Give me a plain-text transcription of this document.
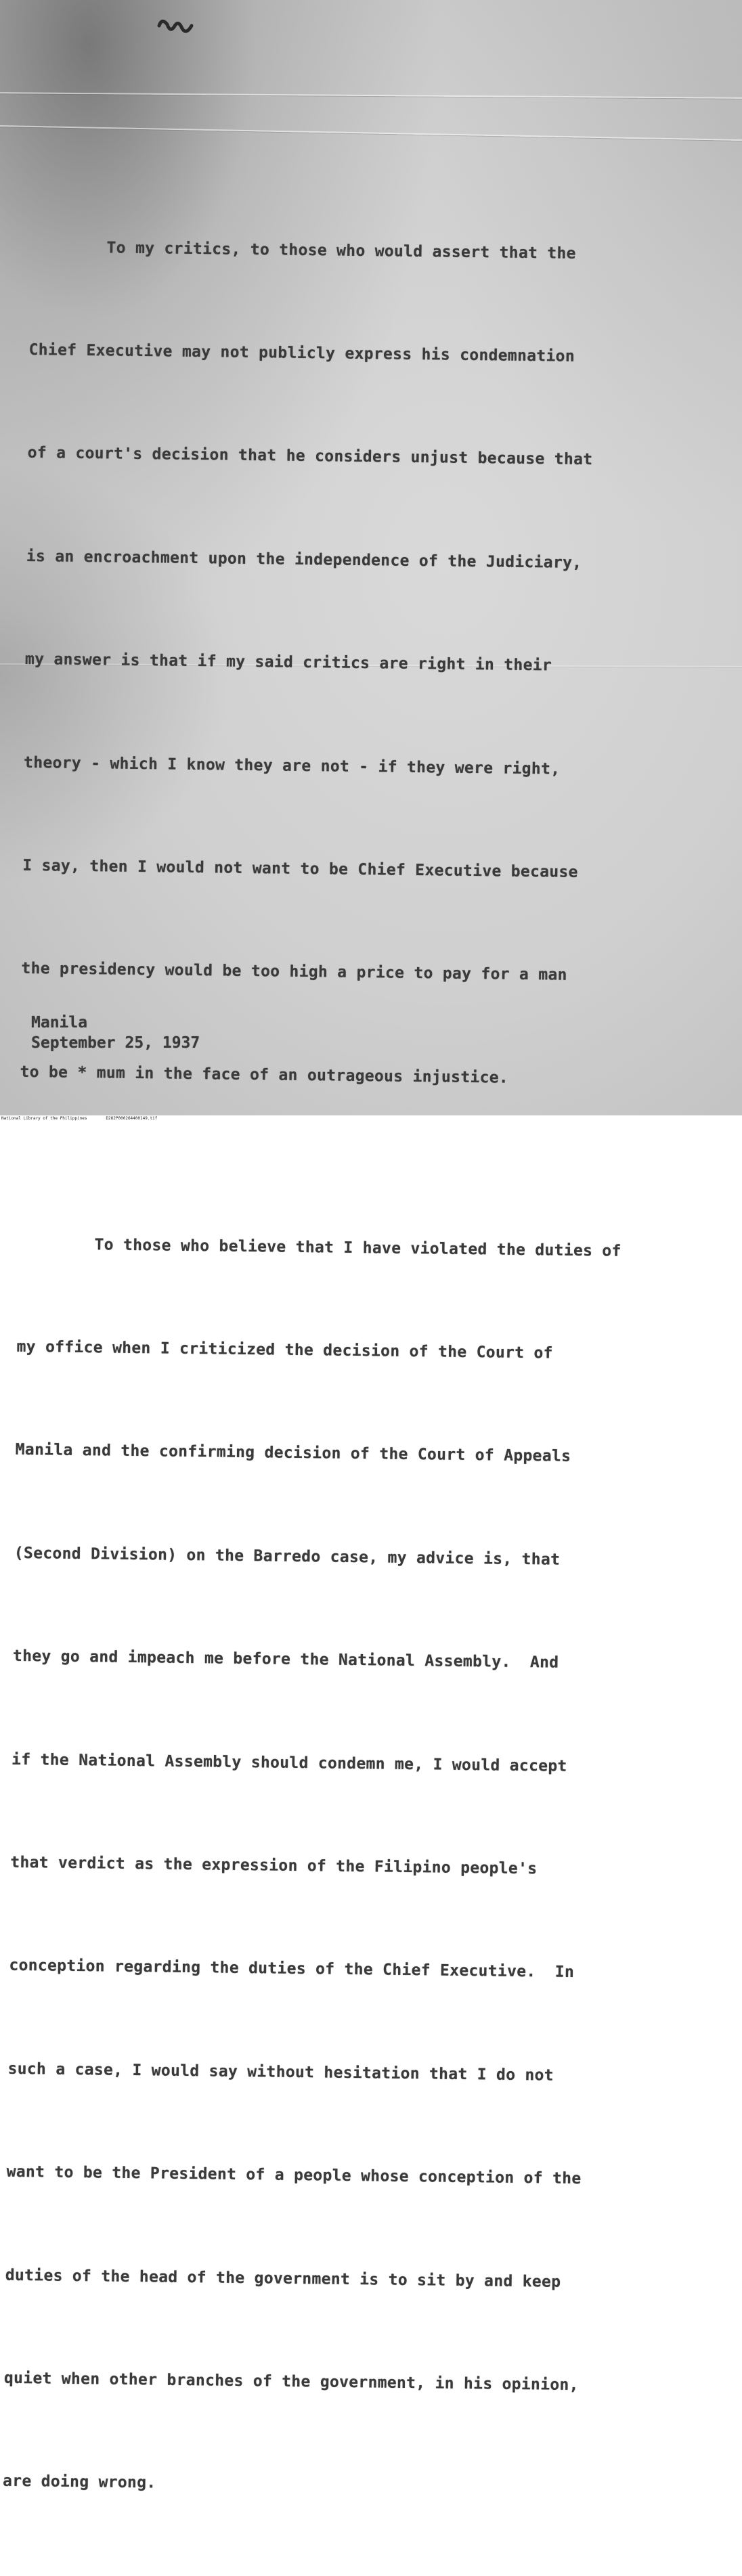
To my critics, to those who would assert that the

Chief Executive may not publicly express his condemnation

of a court's decision that he considers unjust because that

is an encroachment upon the independence of the Judiciary,

my answer is that if my said critics are right in their

theory - which I know they are not - if they were right,

I say, then I would not want to be Chief Executive because

the presidency would be too high a price to pay for a man

to be * mum in the face of an outrageous injustice.

To those who believe that I have violated the duties of

my office when I criticized the decision of the Court of

Manila and the confirming decision of the Court of Appeals

(Second Division) on the Barredo case, my advice is, that

they go and impeach me before the National Assembly.  And

if the National Assembly should condemn me, I would accept

that verdict as the expression of the Filipino people's

conception regarding the duties of the Chief Executive.  In

such a case, I would say without hesitation that I do not

want to be the President of a people whose conception of the

duties of the head of the government is to sit by and keep

quiet when other branches of the government, in his opinion,

are doing wrong.

Manila
September 25, 1937
National Library of the Philippines	D282P000264400149.tif
